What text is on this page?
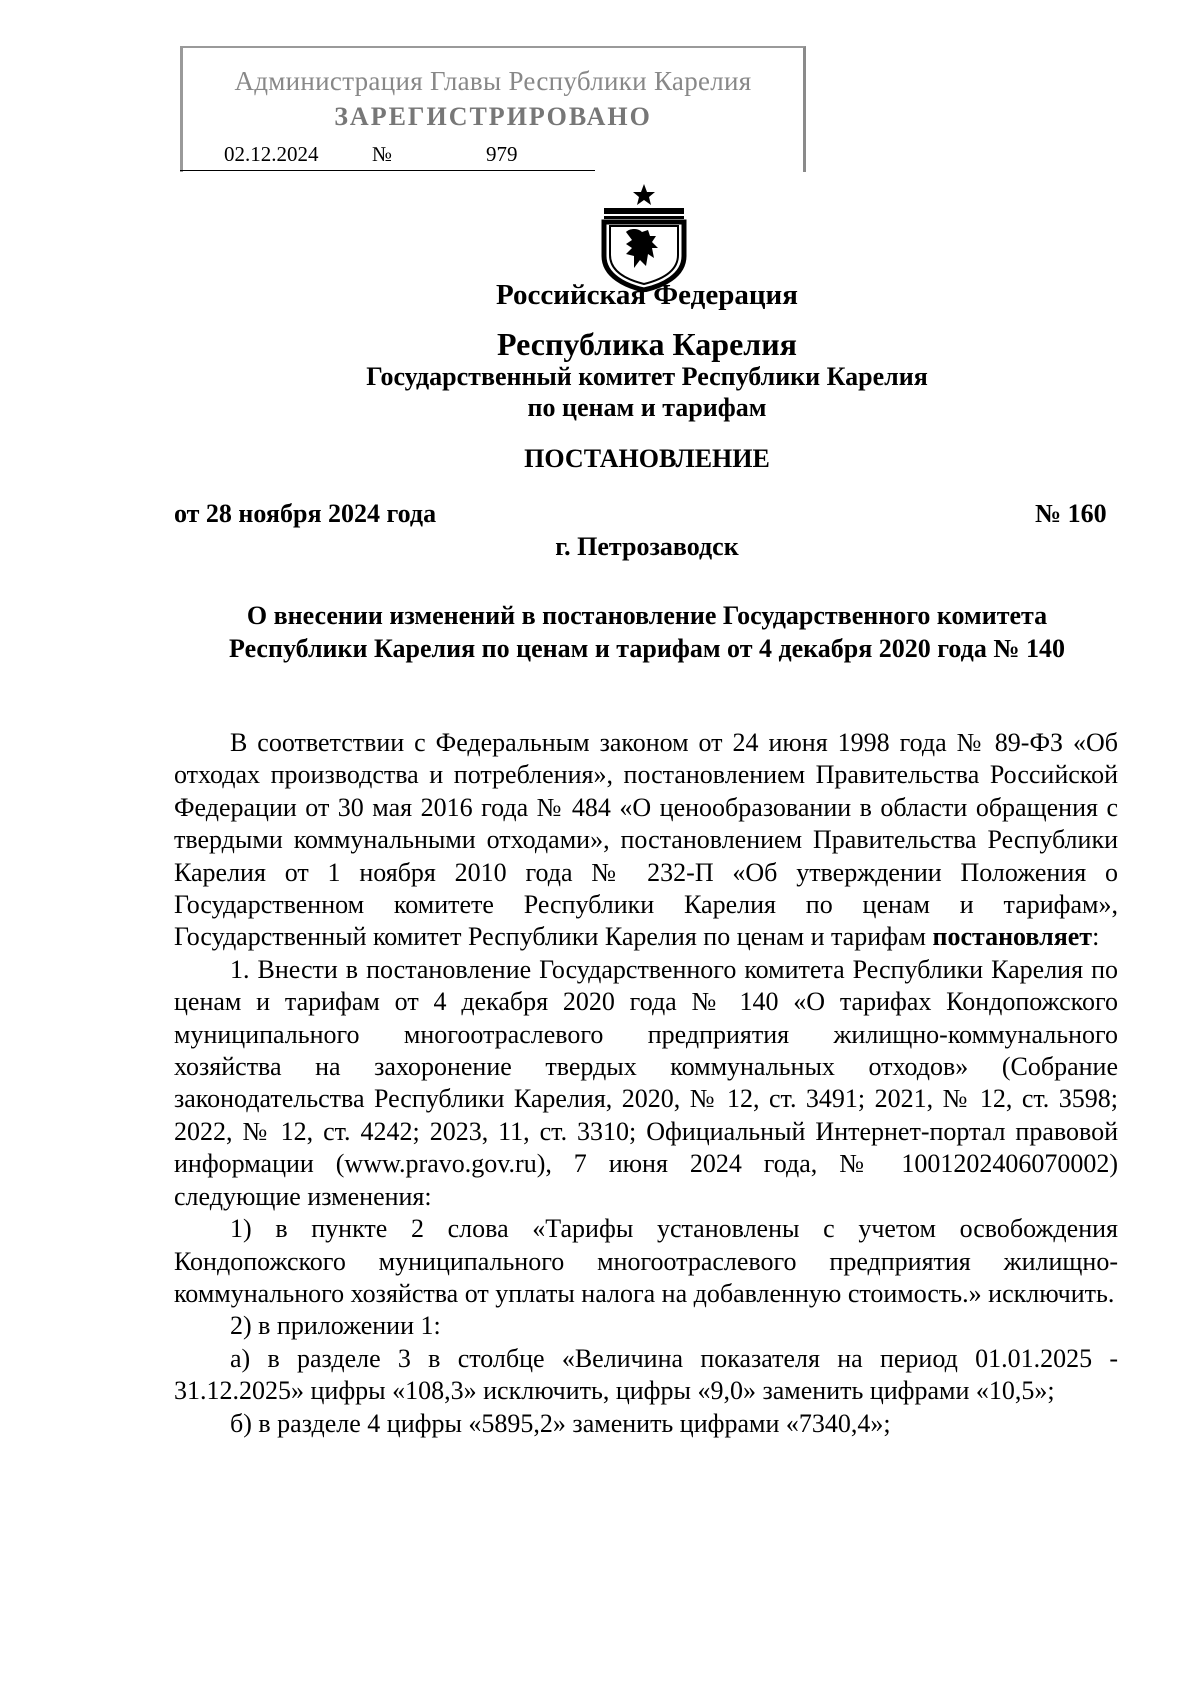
Администрация Главы Республики Карелия
ЗАРЕГИСТРИРОВАНО
02.12.2024	№	979
Российская Федерация
Республика Карелия
Государственный комитет Республики Карелия
по ценам и тарифам
ПОСТАНОВЛЕНИЕ
от 28 ноября 2024 года	№ 160
г. Петрозаводск
О внесении изменений в постановление Государственного комитета
Республики Карелия по ценам и тарифам от 4 декабря 2020 года № 140

В соответствии с Федеральным законом от 24 июня 1998 года № 89-ФЗ «Об отходах производства и потребления», постановлением Правительства Российской Федерации от 30 мая 2016 года № 484 «О ценообразовании в области обращения с твердыми коммунальными отходами», постановлением Правительства Республики Карелия от 1 ноября 2010 года № 232-П «Об утверждении Положения о Государственном комитете Республики Карелия по ценам и тарифам», Государственный комитет Республики Карелия по ценам и тарифам постановляет:

1. Внести в постановление Государственного комитета Республики Карелия по ценам и тарифам от 4 декабря 2020 года № 140 «О тарифах Кондопожского муниципального многоотраслевого предприятия жилищно-коммунального хозяйства на захоронение твердых коммунальных отходов» (Собрание законодательства Республики Карелия, 2020, № 12, ст. 3491; 2021, № 12, ст. 3598; 2022, № 12, ст. 4242; 2023, 11, ст. 3310; Официальный Интернет-портал правовой информации (www.pravo.gov.ru), 7 июня 2024 года, № 1001202406070002) следующие изменения:

1) в пункте 2 слова «Тарифы установлены с учетом освобождения Кондопожского муниципального многоотраслевого предприятия жилищно-коммунального хозяйства от уплаты налога на добавленную стоимость.» исключить.

2) в приложении 1:

а) в разделе 3 в столбце «Величина показателя на период 01.01.2025 - 31.12.2025» цифры «108,3» исключить, цифры «9,0» заменить цифрами «10,5»;

б) в разделе 4 цифры «5895,2» заменить цифрами «7340,4»;
